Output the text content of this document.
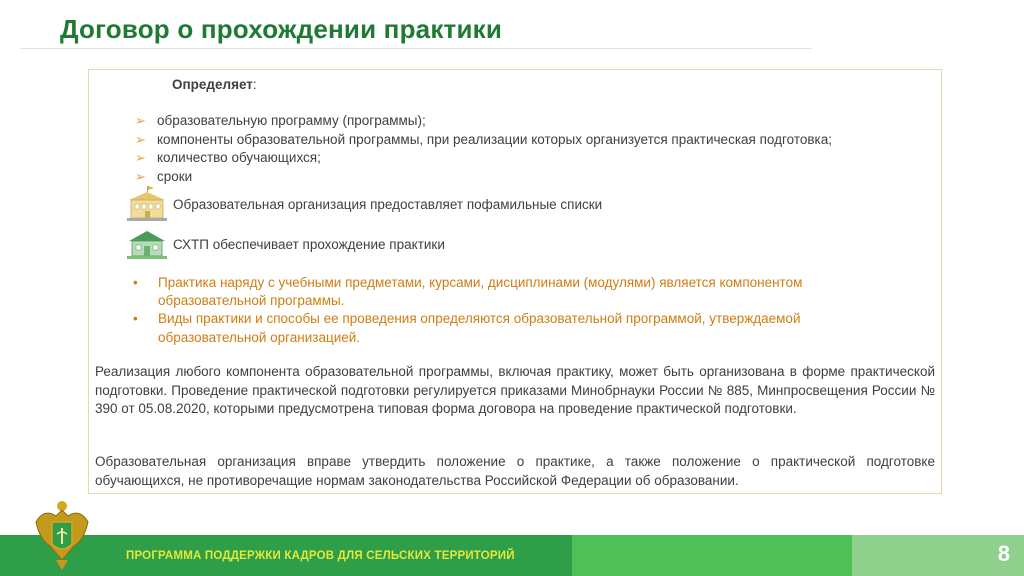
Договор о прохождении практики
Определяет:
➢ образовательную программу (программы);
➢ компоненты образовательной программы, при реализации которых организуется практическая подготовка;
➢ количество обучающихся;
➢ сроки
Образовательная организация предоставляет пофамильные списки
СХТП обеспечивает прохождение практики
• Практика наряду с учебными предметами, курсами, дисциплинами (модулями) является компонентом образовательной программы.
• Виды практики и способы ее проведения определяются образовательной программой, утверждаемой образовательной организацией.
Реализация любого компонента образовательной программы, включая практику, может быть организована в форме практической подготовки. Проведение практической подготовки регулируется приказами Минобрнауки России № 885, Минпросвещения России № 390 от 05.08.2020, которыми предусмотрена типовая форма договора на проведение практической подготовки.
Образовательная организация вправе утвердить положение о практике, а также положение о практической подготовке обучающихся, не противоречащие нормам законодательства Российской Федерации об образовании.
ПРОГРАММА ПОДДЕРЖКИ КАДРОВ ДЛЯ СЕЛЬСКИХ ТЕРРИТОРИЙ	8
